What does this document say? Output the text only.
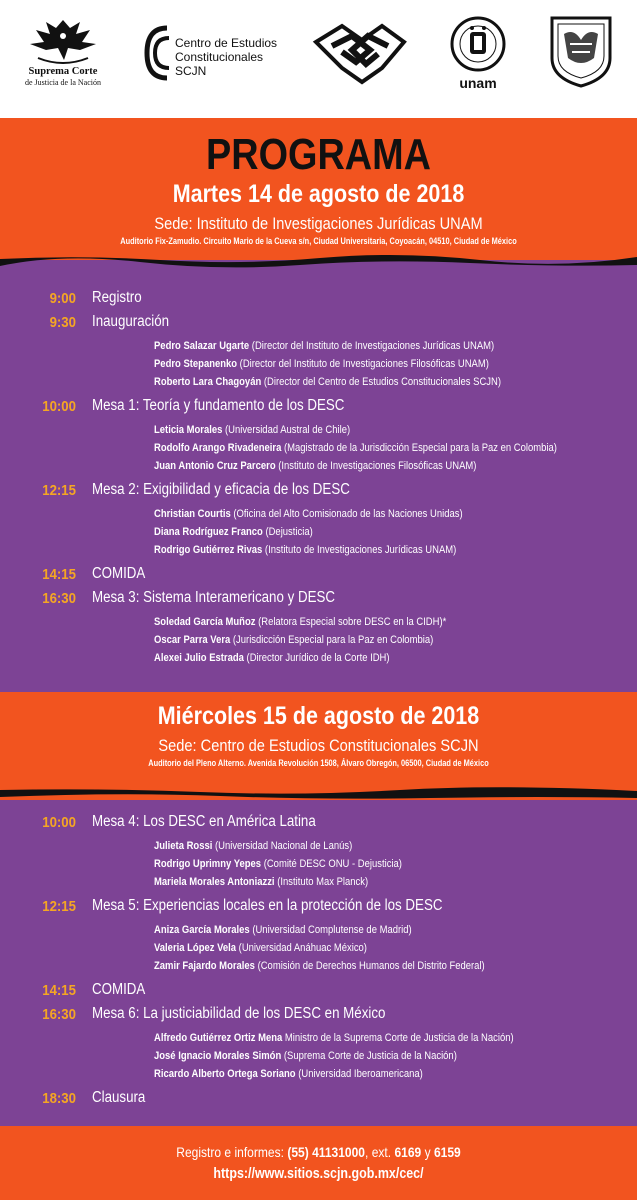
Suprema Corte
de Justicia de la Nación
Centro de Estudios
Constitucionales
SCJN
unam
PROGRAMA
Martes 14 de agosto de 2018
Sede: Instituto de Investigaciones Jurídicas UNAM
Auditorio Fix-Zamudio. Circuito Mario de la Cueva s/n, Ciudad Universitaria, Coyoacán, 04510, Ciudad de México
9:00 Registro
9:30 Inauguración
Pedro Salazar Ugarte (Director del Instituto de Investigaciones Jurídicas UNAM)
Pedro Stepanenko (Director del Instituto de Investigaciones Filosóficas UNAM)
Roberto Lara Chagoyán (Director del Centro de Estudios Constitucionales SCJN)
10:00 Mesa 1: Teoría y fundamento de los DESC
Leticia Morales (Universidad Austral de Chile)
Rodolfo Arango Rivadeneira (Magistrado de la Jurisdicción Especial para la Paz en Colombia)
Juan Antonio Cruz Parcero (Instituto de Investigaciones Filosóficas UNAM)
12:15 Mesa 2: Exigibilidad y eficacia de los DESC
Christian Courtis (Oficina del Alto Comisionado de las Naciones Unidas)
Diana Rodríguez Franco (Dejusticia)
Rodrigo Gutiérrez Rivas (Instituto de Investigaciones Jurídicas UNAM)
14:15 COMIDA
16:30 Mesa 3: Sistema Interamericano y DESC
Soledad García Muñoz (Relatora Especial sobre DESC en la CIDH)*
Oscar Parra Vera (Jurisdicción Especial para la Paz en Colombia)
Alexei Julio Estrada (Director Jurídico de la Corte IDH)
Miércoles 15 de agosto de 2018
Sede: Centro de Estudios Constitucionales SCJN
Auditorio del Pleno Alterno. Avenida Revolución 1508, Álvaro Obregón, 06500, Ciudad de México
10:00 Mesa 4: Los DESC en América Latina
Julieta Rossi (Universidad Nacional de Lanús)
Rodrigo Uprimny Yepes (Comité DESC ONU - Dejusticia)
Mariela Morales Antoniazzi (Instituto Max Planck)
12:15 Mesa 5: Experiencias locales en la protección de los DESC
Aniza García Morales (Universidad Complutense de Madrid)
Valeria López Vela (Universidad Anáhuac México)
Zamir Fajardo Morales (Comisión de Derechos Humanos del Distrito Federal)
14:15 COMIDA
16:30 Mesa 6: La justiciabilidad de los DESC en México
Alfredo Gutiérrez Ortiz Mena Ministro de la Suprema Corte de Justicia de la Nación)
José Ignacio Morales Simón (Suprema Corte de Justicia de la Nación)
Ricardo Alberto Ortega Soriano (Universidad Iberoamericana)
18:30 Clausura
Registro e informes: (55) 41131000, ext. 6169 y 6159
https://www.sitios.scjn.gob.mx/cec/
